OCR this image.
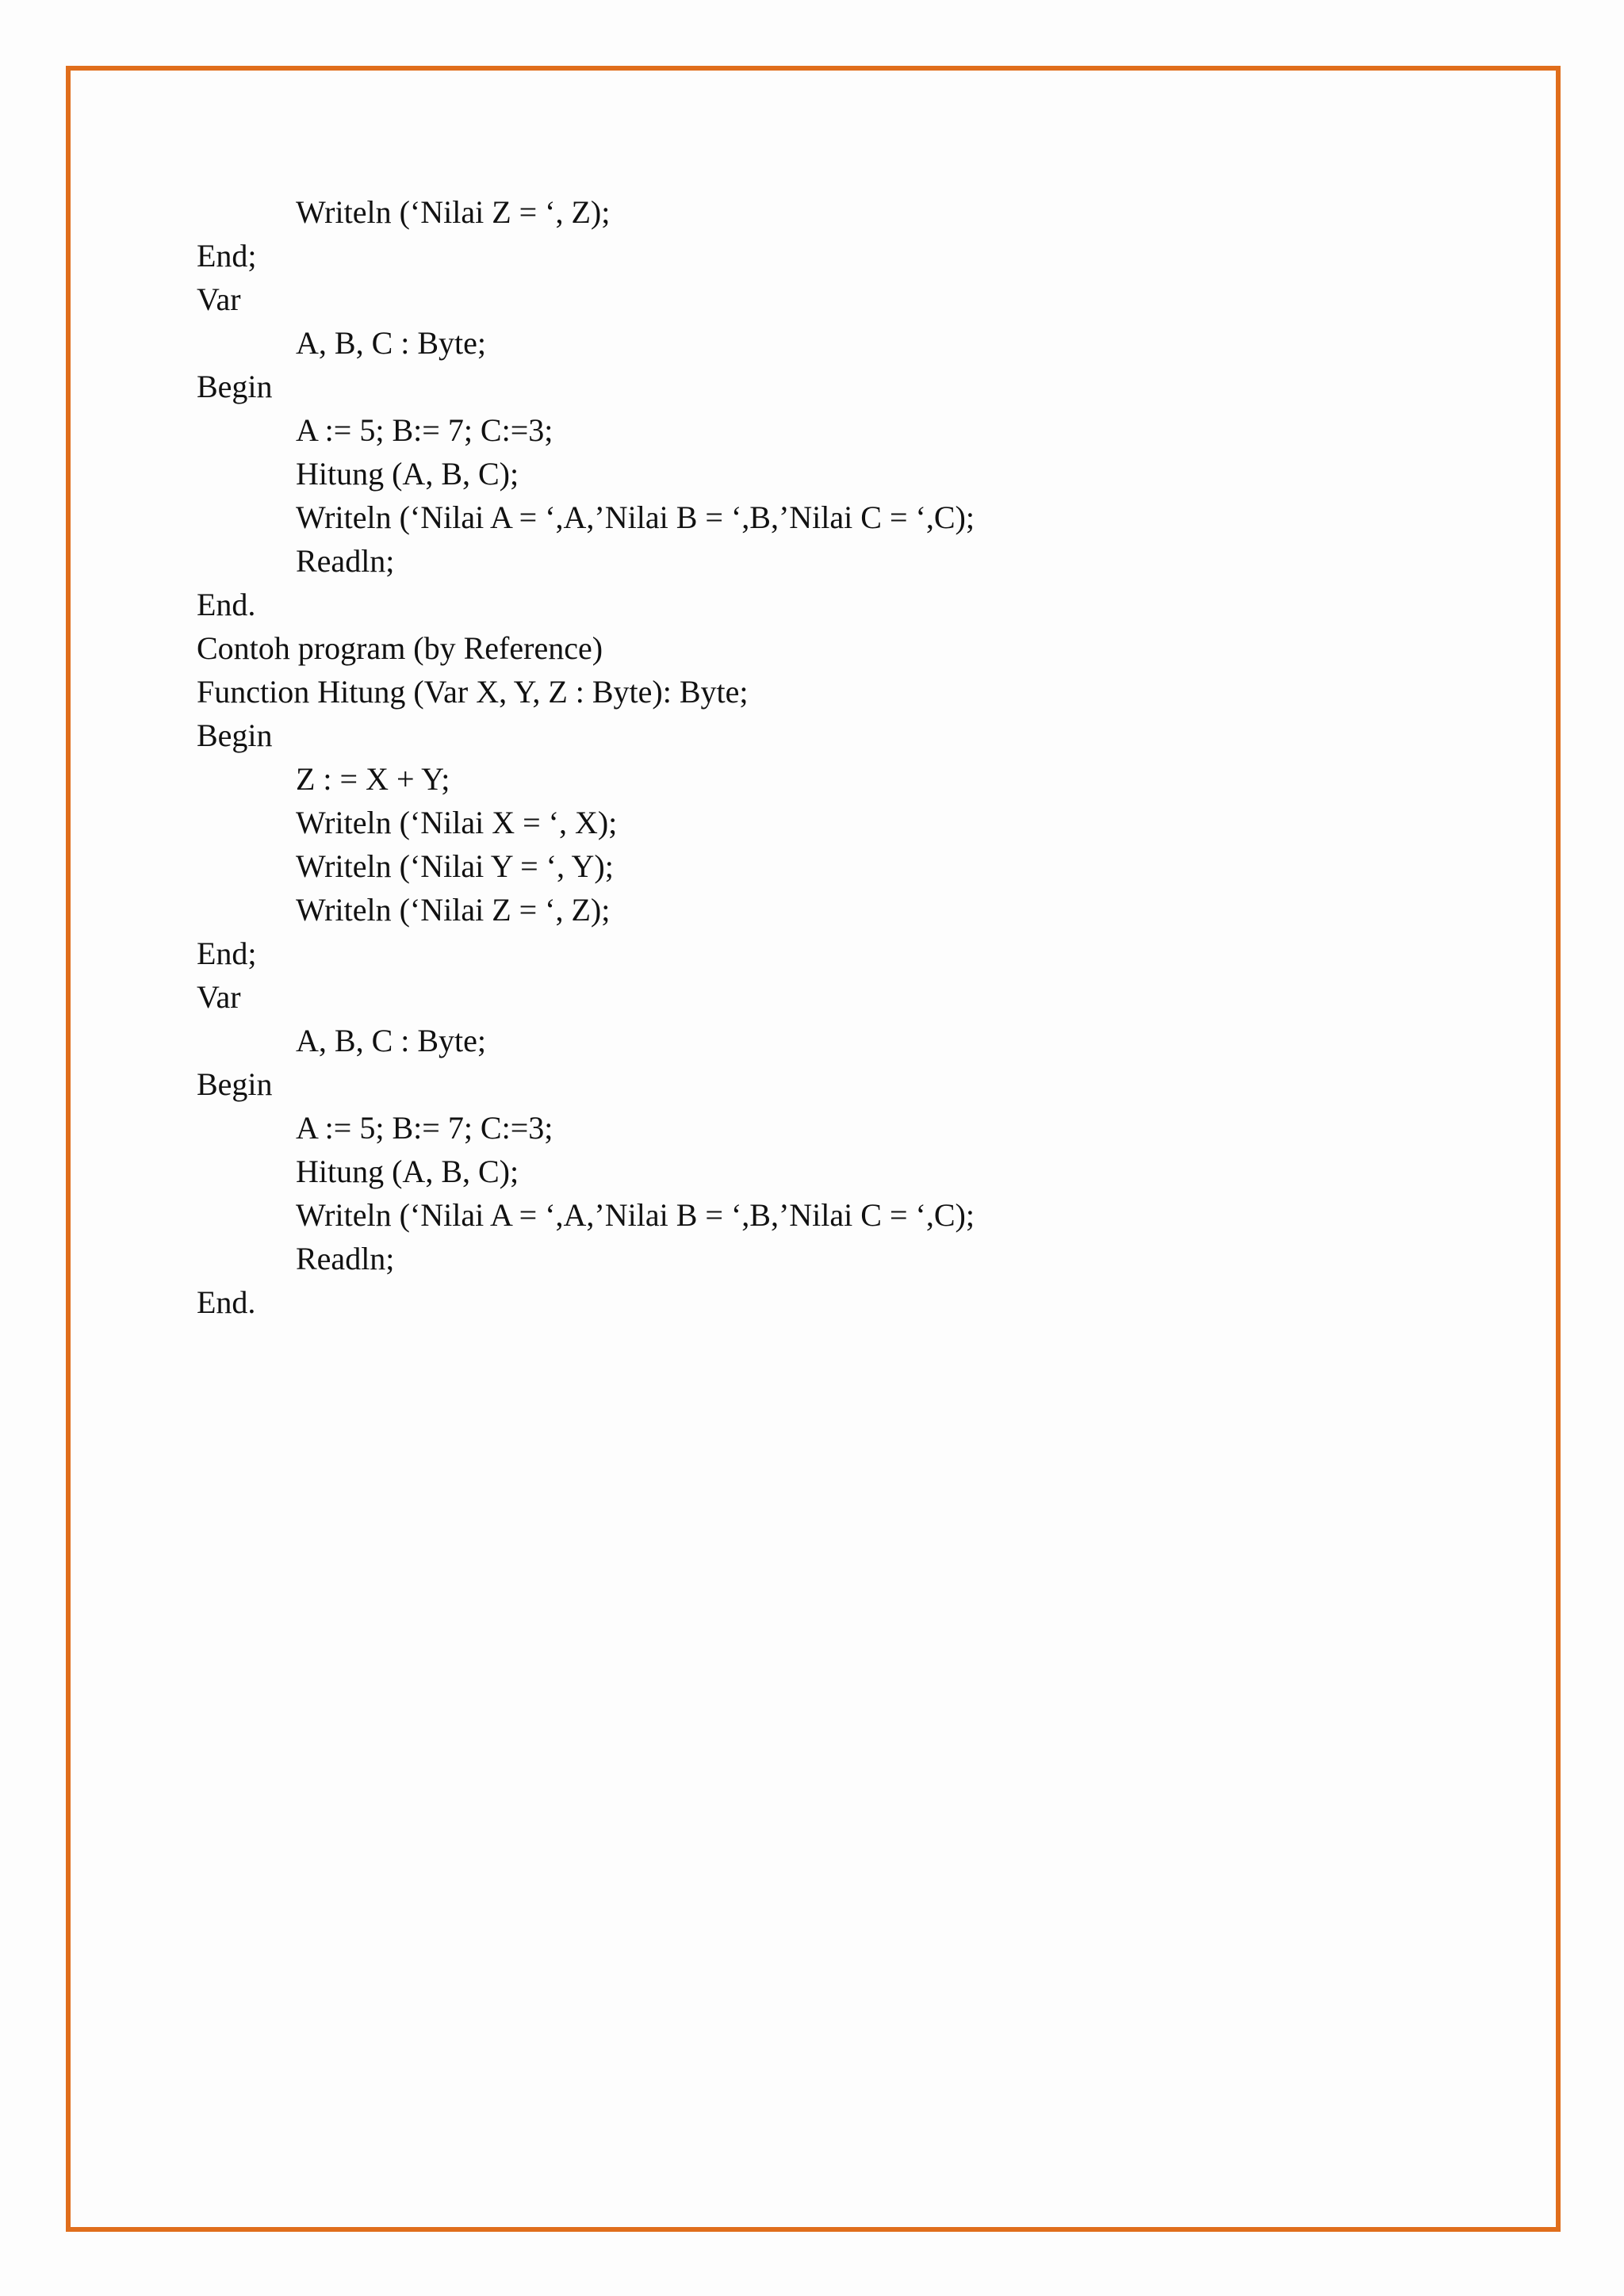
Writeln (‘Nilai Z = ‘, Z);
End;
Var
A, B, C : Byte;
Begin
A := 5; B:= 7; C:=3;
Hitung (A, B, C);
Writeln (‘Nilai A = ‘,A,’Nilai B = ‘,B,’Nilai C = ‘,C);
Readln;
End.
Contoh program (by Reference)
Function Hitung (Var X, Y, Z : Byte): Byte;
Begin
Z : = X + Y;
Writeln (‘Nilai X = ‘, X);
Writeln (‘Nilai Y = ‘, Y);
Writeln (‘Nilai Z = ‘, Z);
End;
Var
A, B, C : Byte;
Begin
A := 5; B:= 7; C:=3;
Hitung (A, B, C);
Writeln (‘Nilai A = ‘,A,’Nilai B = ‘,B,’Nilai C = ‘,C);
Readln;
End.
